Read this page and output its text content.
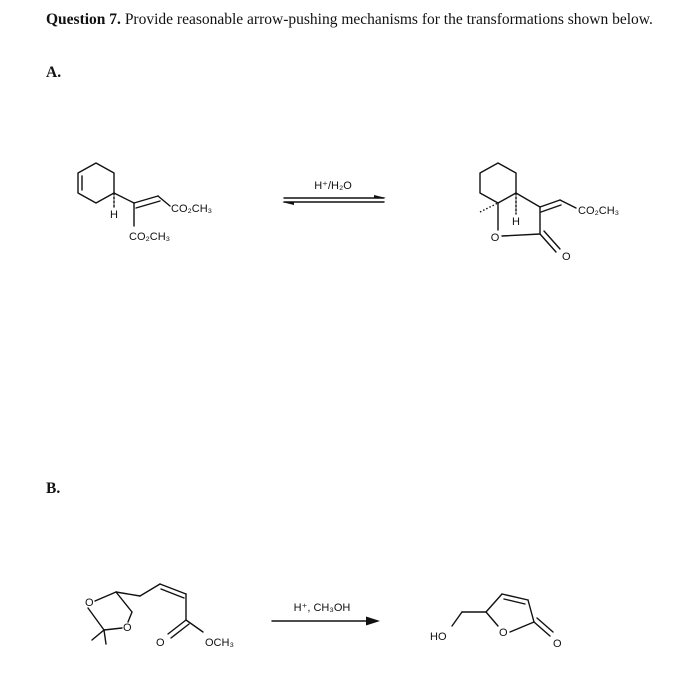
Question 7. Provide reasonable arrow-pushing mechanisms for the transformations shown below.
A.
B.
H	CO₂CH₃
CO₂CH₃
H⁺/H₂O
H
O
O
CO₂CH₃
O
O
O	OCH₃
H⁺, CH₃OH
HO	O
O
